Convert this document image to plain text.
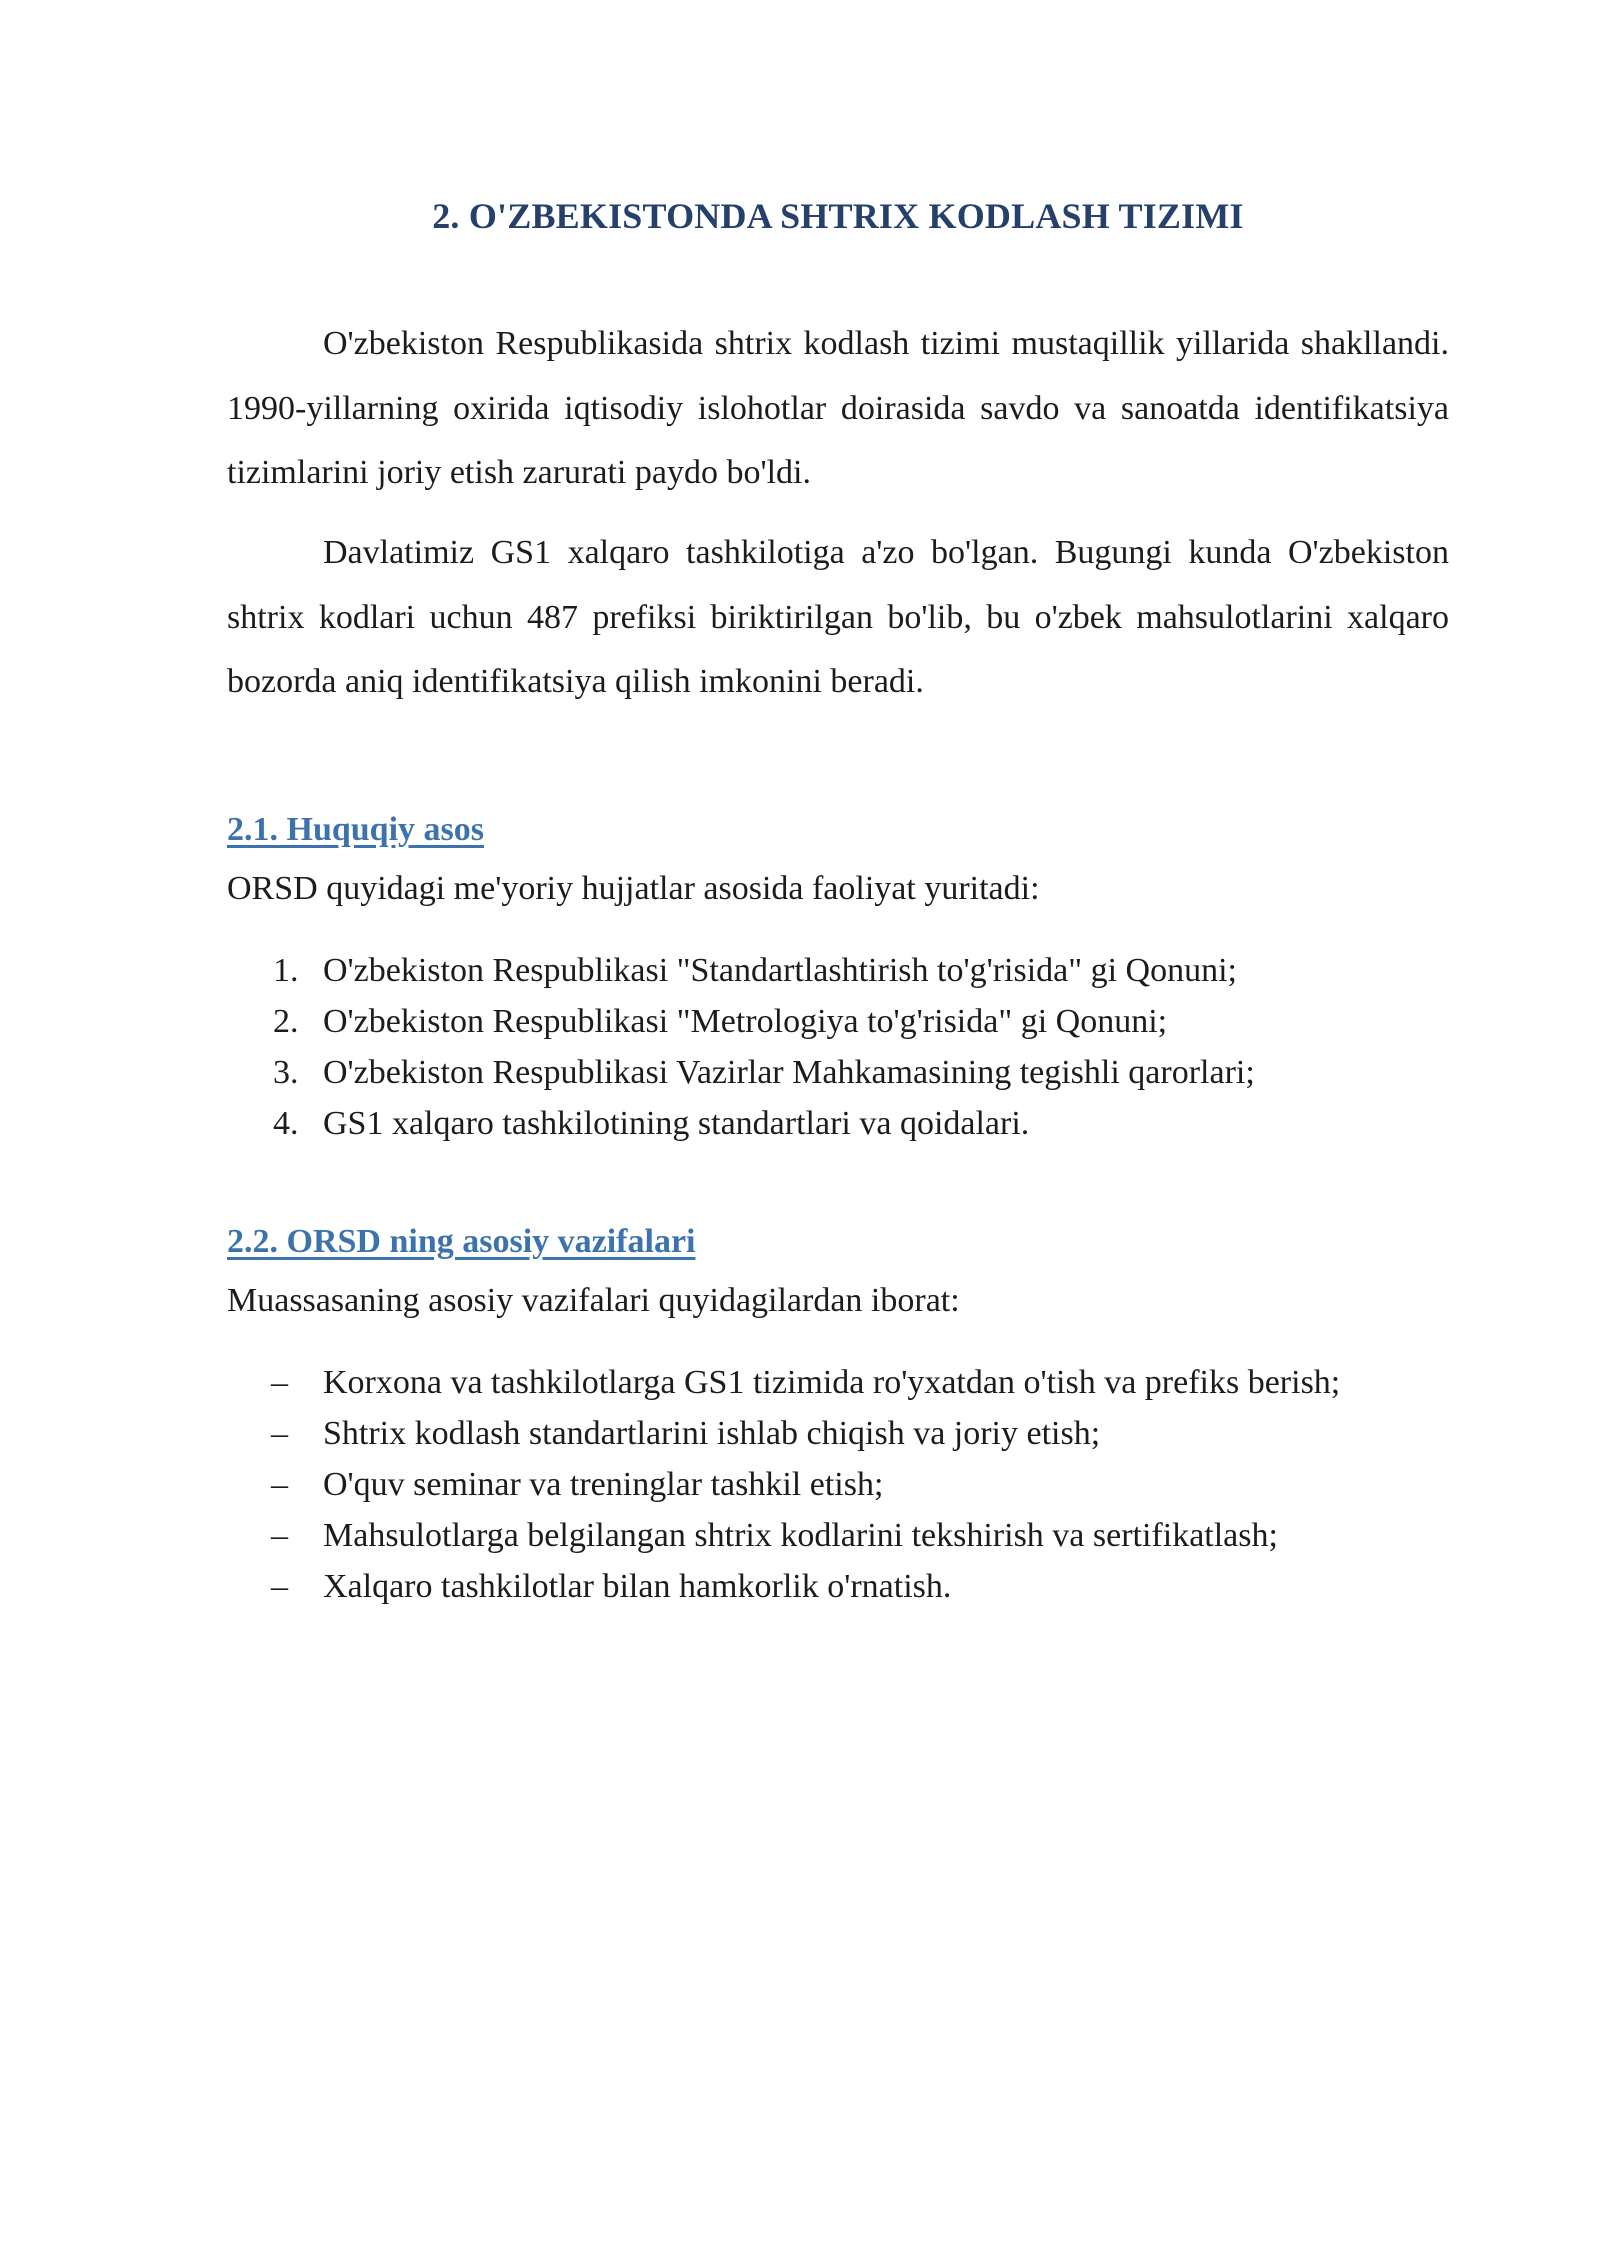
2. O'ZBEKISTONDA SHTRIX KODLASH TIZIMI

O'zbekiston Respublikasida shtrix kodlash tizimi mustaqillik yillarida shakllandi. 1990-yillarning oxirida iqtisodiy islohotlar doirasida savdo va sanoatda identifikatsiya tizimlarini joriy etish zarurati paydo bo'ldi.

Davlatimiz GS1 xalqaro tashkilotiga a'zo bo'lgan. Bugungi kunda O'zbekiston shtrix kodlari uchun 487 prefiksi biriktirilgan bo'lib, bu o'zbek mahsulotlarini xalqaro bozorda aniq identifikatsiya qilish imkonini beradi.

2.1. Huquqiy asos

ORSD quyidagi me'yoriy hujjatlar asosida faoliyat yuritadi:

1. O'zbekiston Respublikasi "Standartlashtirish to'g'risida" gi Qonuni;
2. O'zbekiston Respublikasi "Metrologiya to'g'risida" gi Qonuni;
3. O'zbekiston Respublikasi Vazirlar Mahkamasining tegishli qarorlari;
4. GS1 xalqaro tashkilotining standartlari va qoidalari.
2.2. ORSD ning asosiy vazifalari

Muassasaning asosiy vazifalari quyidagilardan iborat:

–	Korxona va tashkilotlarga GS1 tizimida ro'yxatdan o'tish va prefiks berish;
–	Shtrix kodlash standartlarini ishlab chiqish va joriy etish;
–	O'quv seminar va treninglar tashkil etish;
–	Mahsulotlarga belgilangan shtrix kodlarini tekshirish va sertifikatlash;
–	Xalqaro tashkilotlar bilan hamkorlik o'rnatish.
